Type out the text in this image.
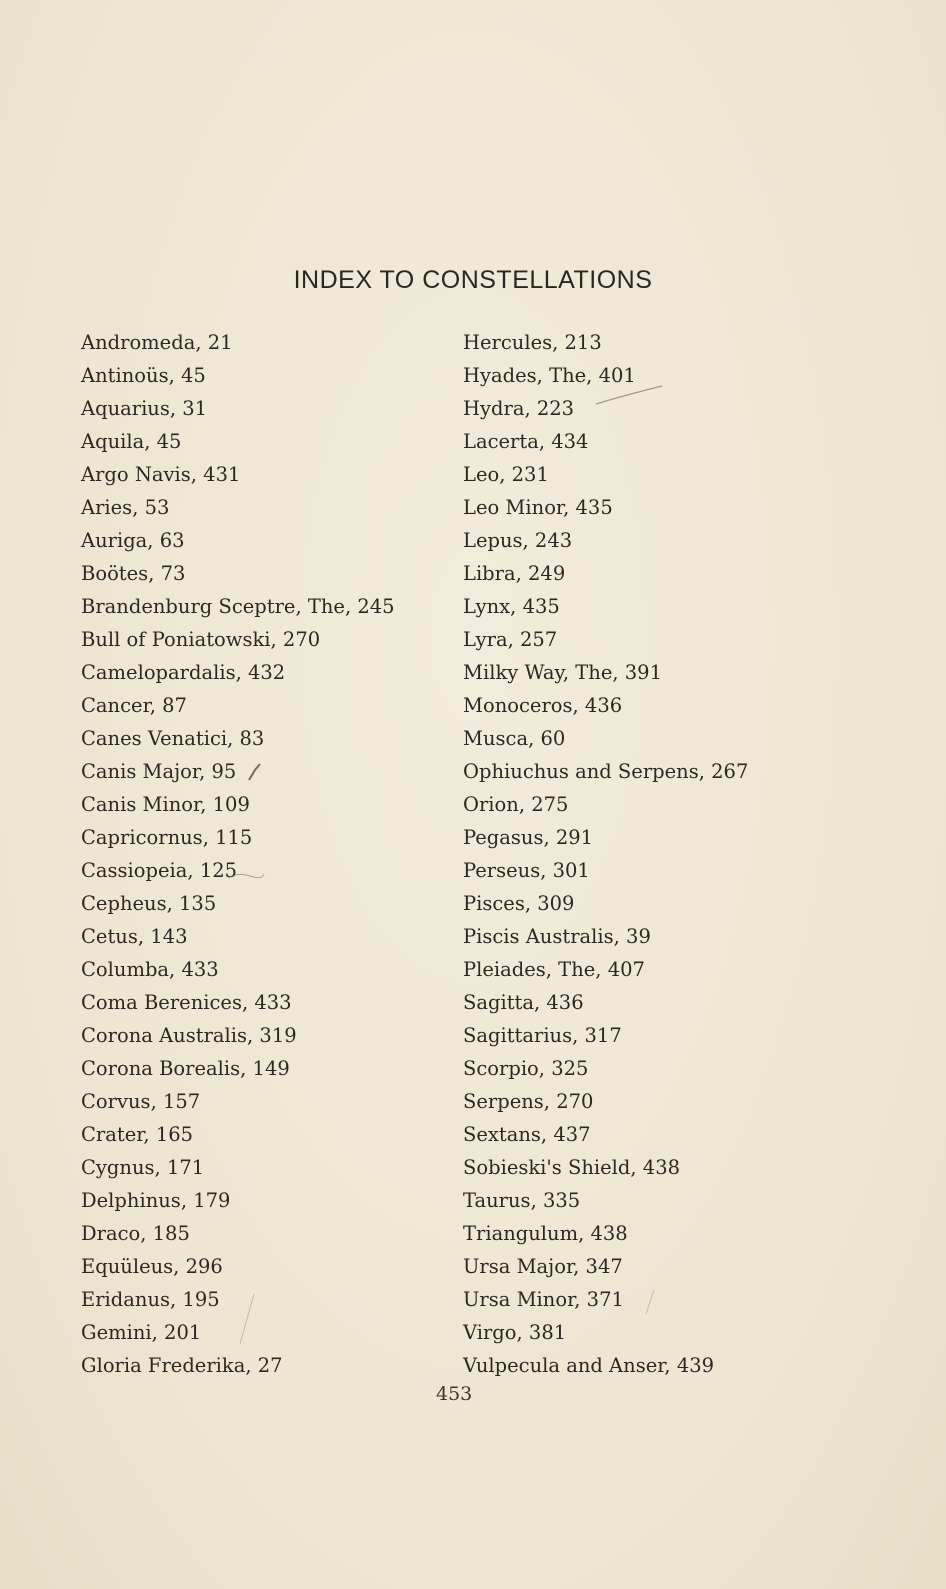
INDEX TO CONSTELLATIONS
Andromeda, 21
Antinoüs, 45
Aquarius, 31
Aquila, 45
Argo Navis, 431
Aries, 53
Auriga, 63
Boötes, 73
Brandenburg Sceptre, The, 245
Bull of Poniatowski, 270
Camelopardalis, 432
Cancer, 87
Canes Venatici, 83
Canis Major, 95
Canis Minor, 109
Capricornus, 115
Cassiopeia, 125
Cepheus, 135
Cetus, 143
Columba, 433
Coma Berenices, 433
Corona Australis, 319
Corona Borealis, 149
Corvus, 157
Crater, 165
Cygnus, 171
Delphinus, 179
Draco, 185
Equüleus, 296
Eridanus, 195
Gemini, 201
Gloria Frederika, 27
Hercules, 213
Hyades, The, 401
Hydra, 223
Lacerta, 434
Leo, 231
Leo Minor, 435
Lepus, 243
Libra, 249
Lynx, 435
Lyra, 257
Milky Way, The, 391
Monoceros, 436
Musca, 60
Ophiuchus and Serpens, 267
Orion, 275
Pegasus, 291
Perseus, 301
Pisces, 309
Piscis Australis, 39
Pleiades, The, 407
Sagitta, 436
Sagittarius, 317
Scorpio, 325
Serpens, 270
Sextans, 437
Sobieski's Shield, 438
Taurus, 335
Triangulum, 438
Ursa Major, 347
Ursa Minor, 371
Virgo, 381
Vulpecula and Anser, 439
453
